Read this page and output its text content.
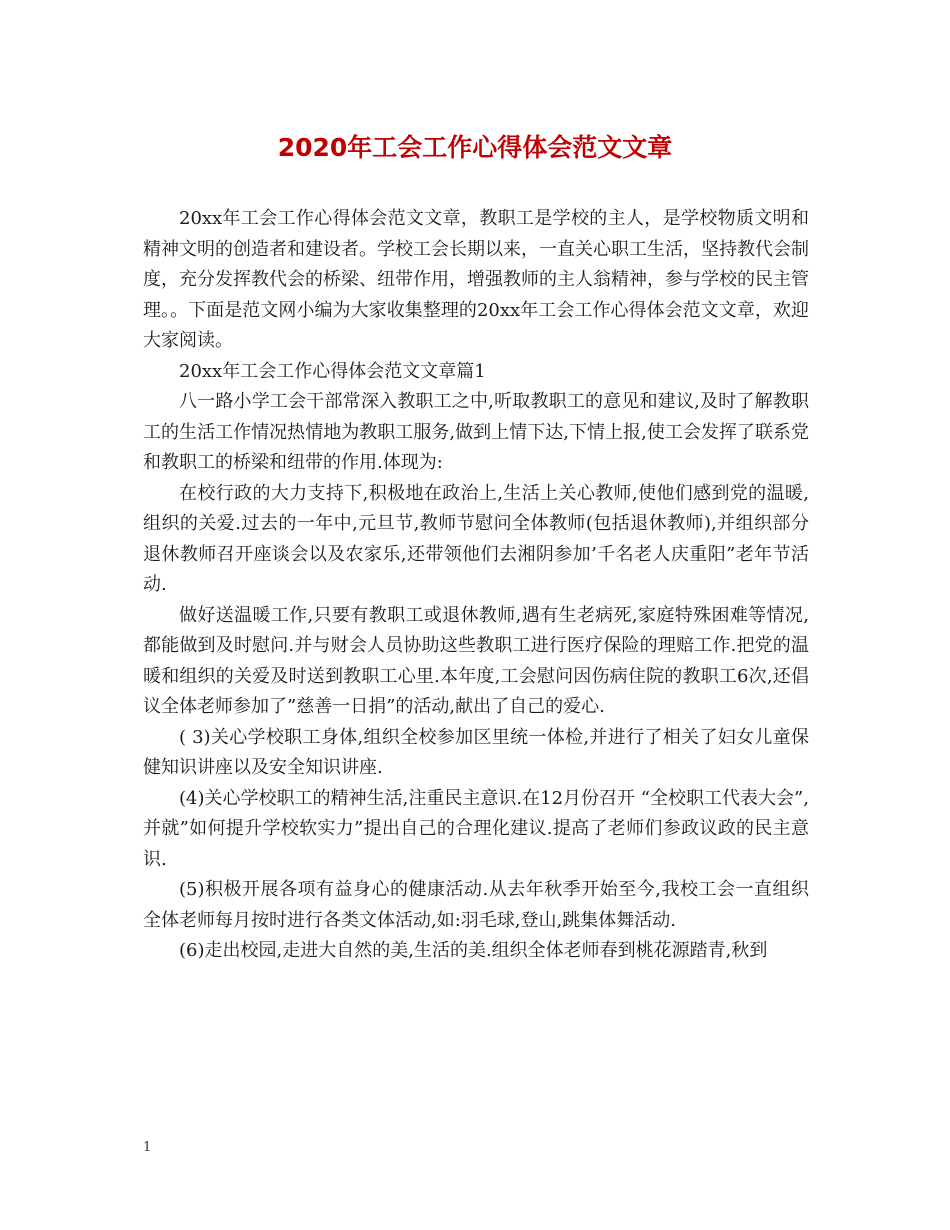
2020年工会工作心得体会范文文章

20xx年工会工作心得体会范文文章，教职工是学校的主人，是学校物质文明和精神文明的创造者和建设者。学校工会长期以来，一直关心职工生活，坚持教代会制度，充分发挥教代会的桥梁、纽带作用，增强教师的主人翁精神，参与学校的民主管理。。下面是范文网小编为大家收集整理的20xx年工会工作心得体会范文文章，欢迎大家阅读。

20xx年工会工作心得体会范文文章篇1

八一路小学工会干部常深入教职工之中,听取教职工的意见和建议,及时了解教职工的生活工作情况热情地为教职工服务,做到上情下达,下情上报,使工会发挥了联系党和教职工的桥梁和纽带的作用.体现为:

在校行政的大力支持下,积极地在政治上,生活上关心教师,使他们感到党的温暖,组织的关爱.过去的一年中,元旦节,教师节慰问全体教师(包括退休教师),并组织部分退休教师召开座谈会以及农家乐,还带领他们去湘阴参加’千名老人庆重阳”老年节活动.

做好送温暖工作,只要有教职工或退休教师,遇有生老病死,家庭特殊困难等情况,都能做到及时慰问.并与财会人员协助这些教职工进行医疗保险的理赔工作.把党的温暖和组织的关爱及时送到教职工心里.本年度,工会慰问因伤病住院的教职工6次,还倡议全体老师参加了”慈善一日捐”的活动,献出了自己的爱心.

( 3)关心学校职工身体,组织全校参加区里统一体检,并进行了相关了妇女儿童保健知识讲座以及安全知识讲座.

(4)关心学校职工的精神生活,注重民主意识.在12月份召开 “全校职工代表大会”,并就”如何提升学校软实力”提出自己的合理化建议.提高了老师们参政议政的民主意识.

(5)积极开展各项有益身心的健康活动.从去年秋季开始至今,我校工会一直组织全体老师每月按时进行各类文体活动,如:羽毛球,登山,跳集体舞活动.

(6)走出校园,走进大自然的美,生活的美.组织全体老师春到桃花源踏青,秋到

1
